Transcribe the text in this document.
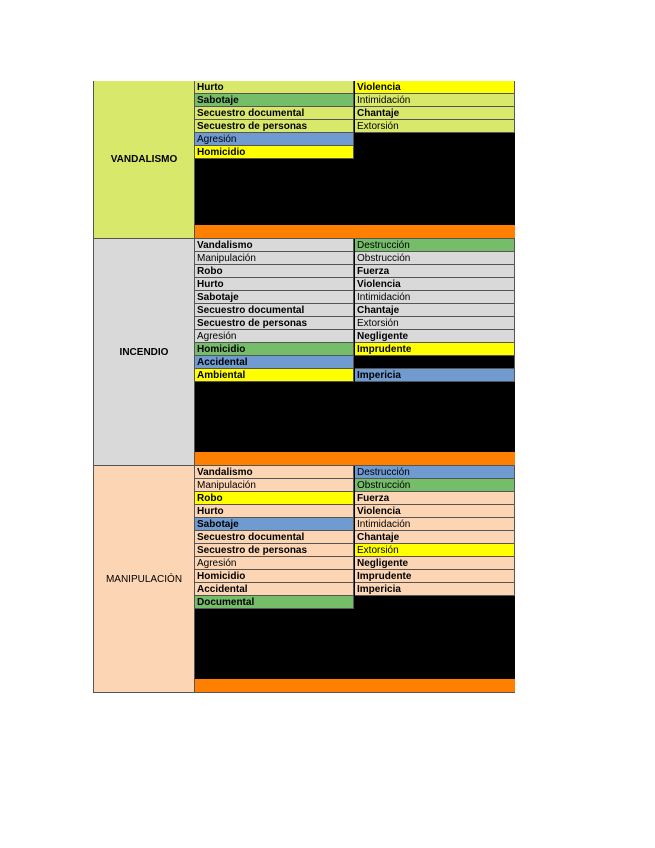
VANDALISMO
Hurto
Sabotaje
Secuestro documental
Secuestro de personas
Agresión
Homicidio
Violencia
Intimidación
Chantaje
Extorsión
INCENDIO
Vandalismo
Manipulación
Robo
Hurto
Sabotaje
Secuestro documental
Secuestro de personas
Agresión
Homicidio
Accidental
Ambiental
Destrucción
Obstrucción
Fuerza
Violencia
Intimidación
Chantaje
Extorsión
Negligente
Imprudente
Impericia
MANIPULACIÓN
Vandalismo
Manipulación
Robo
Hurto
Sabotaje
Secuestro documental
Secuestro de personas
Agresión
Homicidio
Accidental
Documental
Destrucción
Obstrucción
Fuerza
Violencia
Intimidación
Chantaje
Extorsión
Negligente
Imprudente
Impericia
